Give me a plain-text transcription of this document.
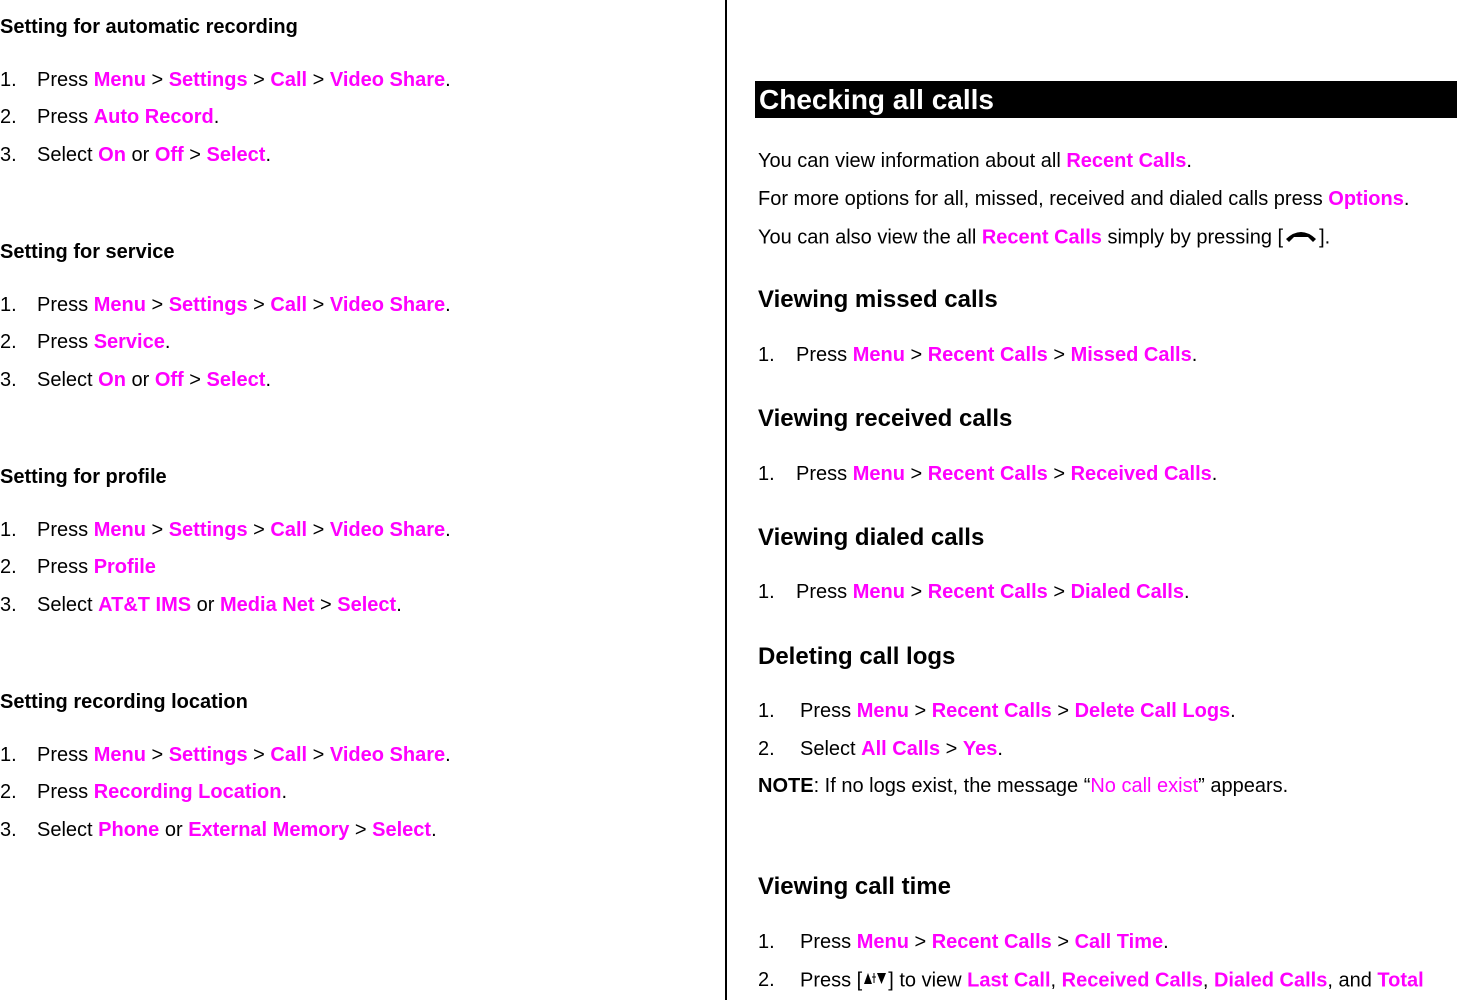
Setting for automatic recording
1. Press Menu > Settings > Call > Video Share.
2. Press Auto Record.
3. Select On or Off > Select.
Setting for service
1. Press Menu > Settings > Call > Video Share.
2. Press Service.
3. Select On or Off > Select.
Setting for profile
1. Press Menu > Settings > Call > Video Share.
2. Press Profile
3. Select AT&T IMS or Media Net > Select.
Setting recording location
1. Press Menu > Settings > Call > Video Share.
2. Press Recording Location.
3. Select Phone or External Memory > Select.
Checking all calls
You can view information about all Recent Calls.
For more options for all, missed, received and dialed calls press Options.
You can also view the all Recent Calls simply by pressing [ ].
Viewing missed calls
1. Press Menu > Recent Calls > Missed Calls.
Viewing received calls
1. Press Menu > Recent Calls > Received Calls.
Viewing dialed calls
1. Press Menu > Recent Calls > Dialed Calls.
Deleting call logs
1. Press Menu > Recent Calls > Delete Call Logs.
2. Select All Calls > Yes.
NOTE: If no logs exist, the message “No call exist” appears.
Viewing call time
1. Press Menu > Recent Calls > Call Time.
2. Press [ ] to view Last Call, Received Calls, Dialed Calls, and Total
